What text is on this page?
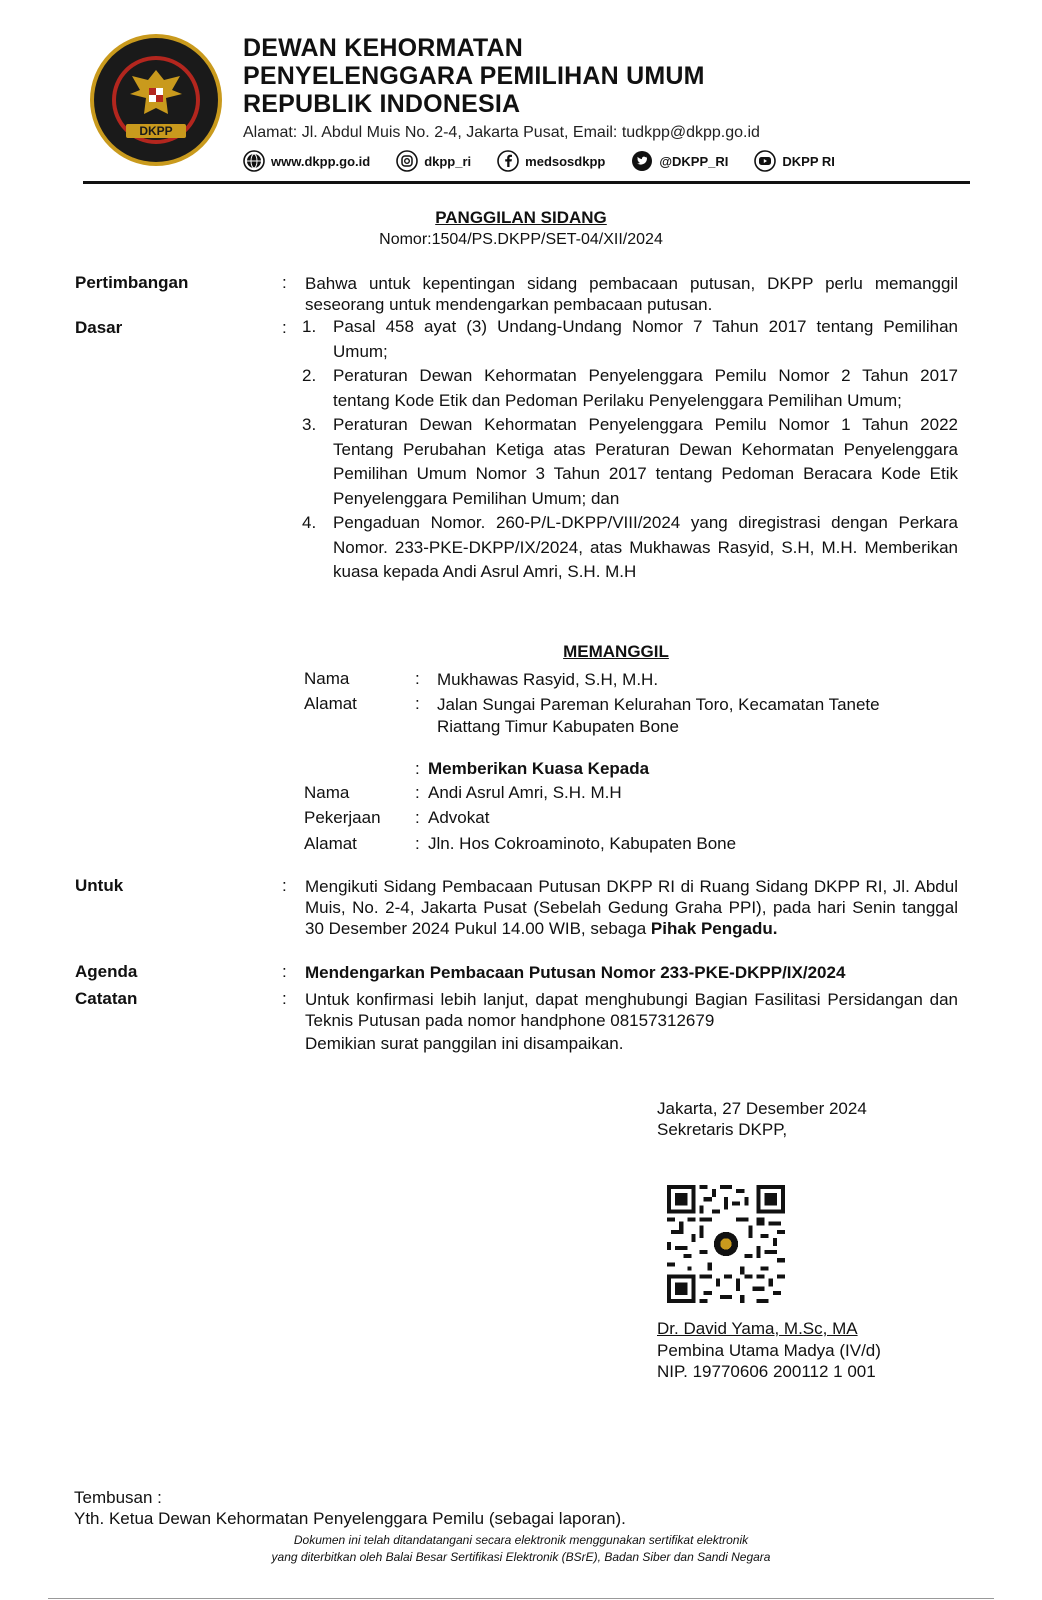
DKPP
DEWAN KEHORMATAN
PENYELENGGARA PEMILIHAN UMUM
REPUBLIK INDONESIA
Alamat: Jl. Abdul Muis No. 2-4, Jakarta Pusat, Email: tudkpp@dkpp.go.id
www.dkpp.go.id	dkpp_ri	medsosdkpp	@DKPP_RI	DKPP RI
PANGGILAN SIDANG
Nomor:1504/PS.DKPP/SET-04/XII/2024
Pertimbangan	: Bahwa untuk kepentingan sidang pembacaan putusan, DKPP perlu memanggil seseorang untuk mendengarkan pembacaan putusan.
Dasar	: 1. Pasal 458 ayat (3) Undang-Undang Nomor 7 Tahun 2017 tentang Pemilihan Umum;
2. Peraturan Dewan Kehormatan Penyelenggara Pemilu Nomor 2 Tahun 2017 tentang Kode Etik dan Pedoman Perilaku Penyelenggara Pemilihan Umum;
3. Peraturan Dewan Kehormatan Penyelenggara Pemilu Nomor 1 Tahun 2022 Tentang Perubahan Ketiga atas Peraturan Dewan Kehormatan Penyelenggara Pemilihan Umum Nomor 3 Tahun 2017 tentang Pedoman Beracara Kode Etik Penyelenggara Pemilihan Umum; dan
4. Pengaduan Nomor. 260-P/L-DKPP/VIII/2024 yang diregistrasi dengan Perkara Nomor. 233-PKE-DKPP/IX/2024, atas Mukhawas Rasyid, S.H, M.H. Memberikan kuasa kepada Andi Asrul Amri, S.H. M.H
MEMANGGIL
Nama	: Mukhawas Rasyid, S.H, M.H.
Alamat	: Jalan Sungai Pareman Kelurahan Toro, Kecamatan Tanete
Riattang Timur Kabupaten Bone
: Memberikan Kuasa Kepada
Nama	: Andi Asrul Amri, S.H. M.H
Pekerjaan : Advokat
Alamat	: Jln. Hos Cokroaminoto, Kabupaten Bone
Untuk	: Mengikuti Sidang Pembacaan Putusan DKPP RI di Ruang Sidang DKPP RI, Jl. Abdul Muis, No. 2-4, Jakarta Pusat (Sebelah Gedung Graha PPI), pada hari Senin tanggal 30 Desember 2024 Pukul 14.00 WIB, sebaga Pihak Pengadu.
Agenda	: Mendengarkan Pembacaan Putusan Nomor 233-PKE-DKPP/IX/2024
Catatan	: Untuk konfirmasi lebih lanjut, dapat menghubungi Bagian Fasilitasi Persidangan dan Teknis Putusan pada nomor handphone 08157312679
Demikian surat panggilan ini disampaikan.
Jakarta, 27 Desember 2024
Sekretaris DKPP,
Dr. David Yama, M.Sc, MA
Pembina Utama Madya (IV/d)
NIP. 19770606 200112 1 001
Tembusan :
Yth. Ketua Dewan Kehormatan Penyelenggara Pemilu (sebagai laporan).
Dokumen ini telah ditandatangani secara elektronik menggunakan sertifikat elektronik
yang diterbitkan oleh Balai Besar Sertifikasi Elektronik (BSrE), Badan Siber dan Sandi Negara
